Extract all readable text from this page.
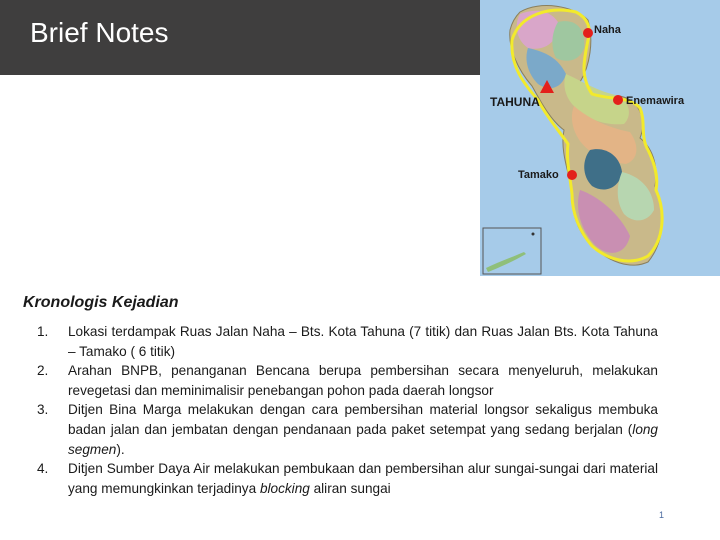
Brief Notes	Naha
TAHUNA	Enemawira
Tamako
Kronologis Kejadian
1.	Lokasi terdampak Ruas Jalan Naha – Bts. Kota Tahuna (7 titik) dan Ruas Jalan Bts. Kota Tahuna – Tamako ( 6 titik)
2.	Arahan BNPB, penanganan Bencana berupa pembersihan secara menyeluruh, melakukan revegetasi dan meminimalisir penebangan pohon pada daerah longsor
3.	Ditjen Bina Marga melakukan dengan cara pembersihan material longsor sekaligus membuka badan jalan dan jembatan dengan pendanaan pada paket setempat yang sedang berjalan (long segmen).
4.	Ditjen Sumber Daya Air melakukan pembukaan dan pembersihan alur sungai-sungai dari material yang memungkinkan terjadinya blocking aliran sungai
1
